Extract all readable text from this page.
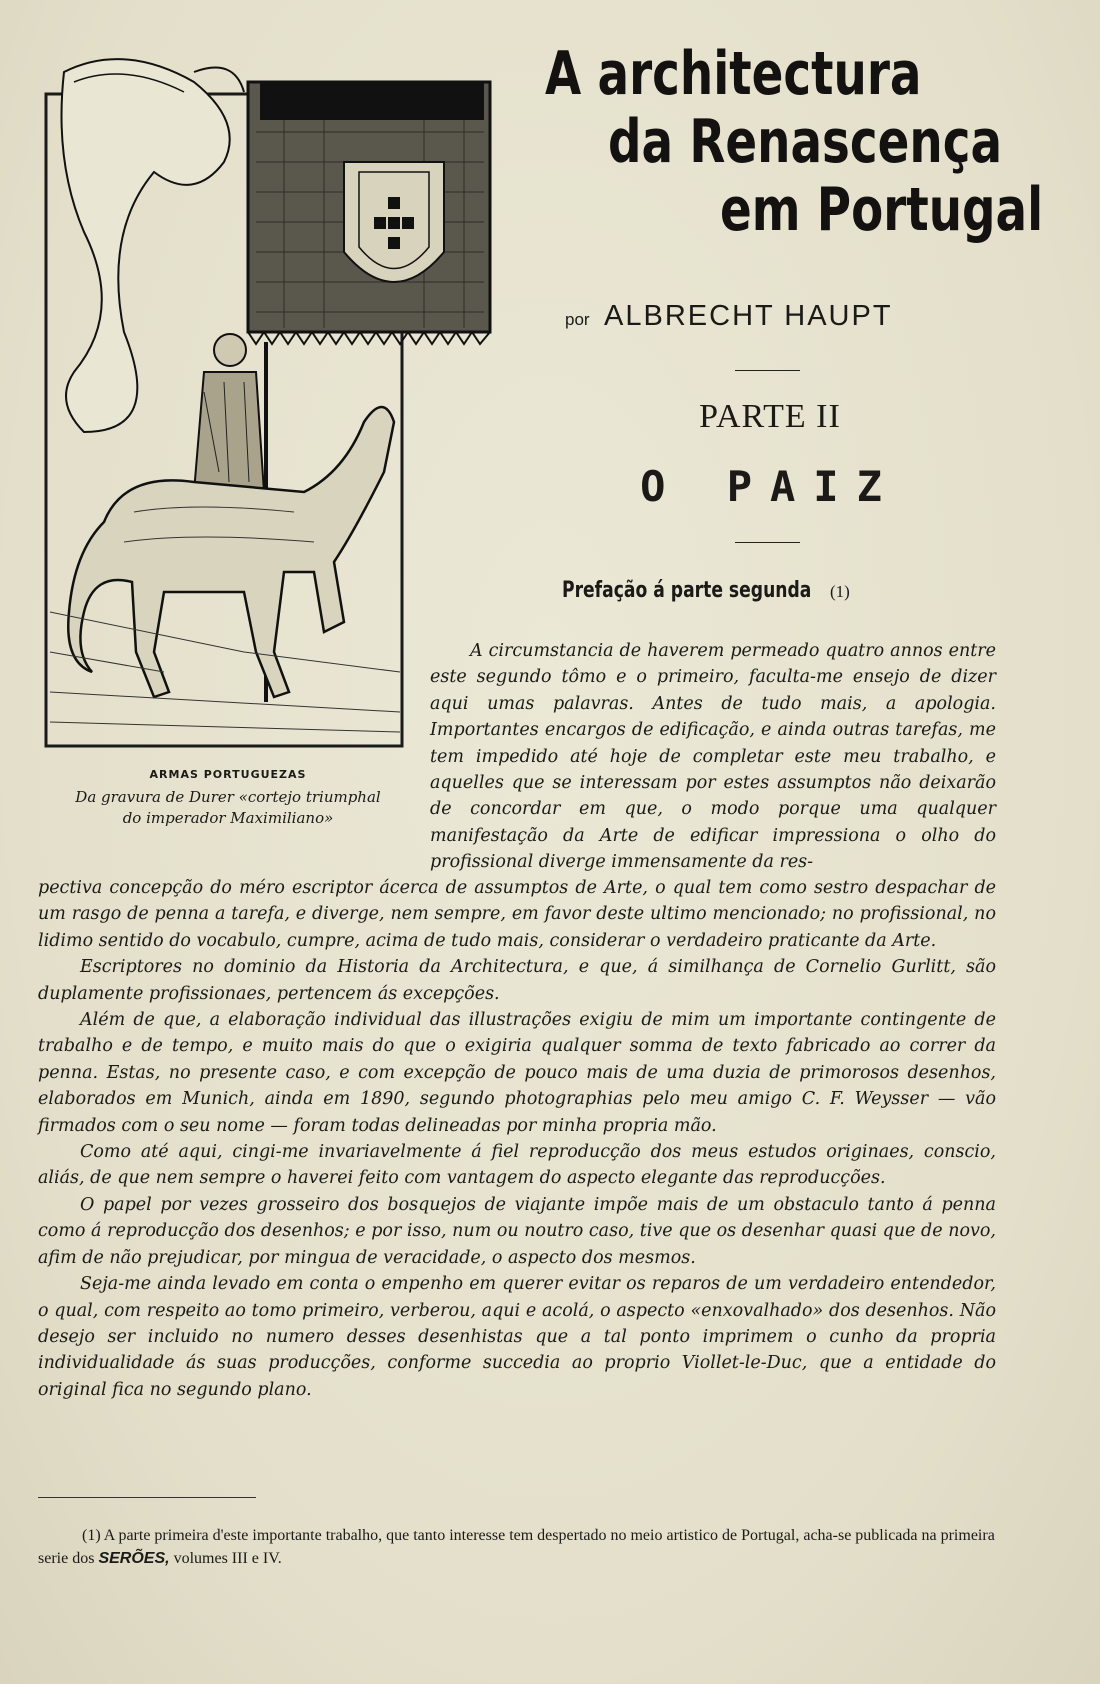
ARMAS PORTUGUEZAS
Da gravura de Durer «cortejo triumphal
do imperador Maximiliano»
A architectura
da Renascença
em Portugal
por ALBRECHT HAUPT
PARTE II
O PAIZ
Prefação á parte segunda (1)

A circumstancia de haverem permeado quatro annos entre este segundo tômo e o primeiro, faculta-me ensejo de dizer aqui umas palavras. Antes de tudo mais, a apologia. Importantes encargos de edificação, e ainda outras tarefas, me tem impedido até hoje de completar este meu trabalho, e aquelles que se interessam por estes assumptos não deixarão de concordar em que, o modo porque uma qualquer manifestação da Arte de edificar impressiona o olho do profissional diverge immensamente da res-

pectiva concepção do méro escriptor ácerca de assumptos de Arte, o qual tem como sestro despachar de um rasgo de penna a tarefa, e diverge, nem sempre, em favor deste ultimo mencionado; no profissional, no lidimo sentido do vocabulo, cumpre, acima de tudo mais, considerar o verdadeiro praticante da Arte.

Escriptores no dominio da Historia da Architectura, e que, á similhança de Cornelio Gurlitt, são duplamente profissionaes, pertencem ás excepções.

Além de que, a elaboração individual das illustrações exigiu de mim um importante contingente de trabalho e de tempo, e muito mais do que o exigiria qualquer somma de texto fabricado ao correr da penna. Estas, no presente caso, e com excepção de pouco mais de uma duzia de primorosos desenhos, elaborados em Munich, ainda em 1890, segundo photographias pelo meu amigo C. F. Weysser — vão firmados com o seu nome — foram todas delineadas por minha propria mão.

Como até aqui, cingi-me invariavelmente á fiel reproducção dos meus estudos originaes, conscio, aliás, de que nem sempre o haverei feito com vantagem do aspecto elegante das reproducções.

O papel por vezes grosseiro dos bosquejos de viajante impõe mais de um obstaculo tanto á penna como á reproducção dos desenhos; e por isso, num ou noutro caso, tive que os desenhar quasi que de novo, afim de não prejudicar, por mingua de veracidade, o aspecto dos mesmos.

Seja-me ainda levado em conta o empenho em querer evitar os reparos de um verdadeiro entendedor, o qual, com respeito ao tomo primeiro, verberou, aqui e acolá, o aspecto «enxovalhado» dos desenhos. Não desejo ser incluido no numero desses desenhistas que a tal ponto imprimem o cunho da propria individualidade ás suas producções, conforme succedia ao proprio Viollet-le-Duc, que a entidade do original fica no segundo plano.

(1) A parte primeira d'este importante trabalho, que tanto interesse tem despertado no meio artistico de Portugal, acha-se publicada na primeira serie dos SERÕES, volumes III e IV.
